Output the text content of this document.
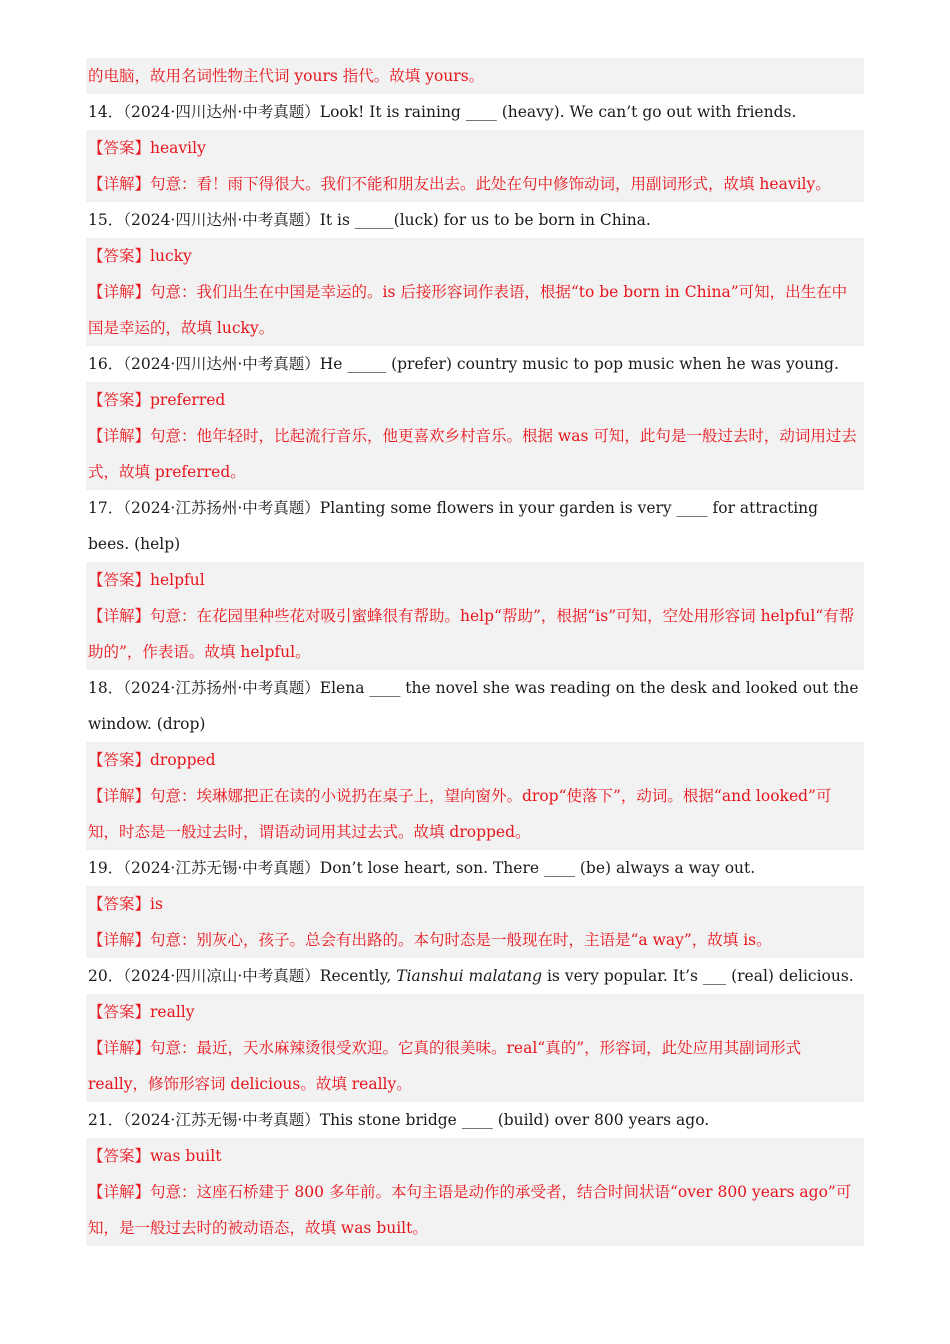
的电脑，故用名词性物主代词 yours 指代。故填 yours。
14．（2024·四川达州·中考真题）Look! It is raining ____ (heavy). We can’t go out with friends.
【答案】heavily
【详解】句意：看！雨下得很大。我们不能和朋友出去。此处在句中修饰动词，用副词形式，故填 heavily。
15．（2024·四川达州·中考真题）It is _____(luck) for us to be born in China.
【答案】lucky
【详解】句意：我们出生在中国是幸运的。is 后接形容词作表语，根据“to be born in China”可知，出生在中国是幸运的，故填 lucky。
16．（2024·四川达州·中考真题）He _____ (prefer) country music to pop music when he was young.
【答案】preferred
【详解】句意：他年轻时，比起流行音乐，他更喜欢乡村音乐。根据 was 可知，此句是一般过去时，动词用过去式，故填 preferred。
17．（2024·江苏扬州·中考真题）Planting some flowers in your garden is very ____ for attracting bees. (help)
【答案】helpful
【详解】句意：在花园里种些花对吸引蜜蜂很有帮助。help“帮助”，根据“is”可知，空处用形容词 helpful“有帮助的”，作表语。故填 helpful。
18．（2024·江苏扬州·中考真题）Elena ____ the novel she was reading on the desk and looked out the window. (drop)
【答案】dropped
【详解】句意：埃琳娜把正在读的小说扔在桌子上，望向窗外。drop“使落下”，动词。根据“and looked”可知，时态是一般过去时，谓语动词用其过去式。故填 dropped。
19．（2024·江苏无锡·中考真题）Don’t lose heart, son. There ____ (be) always a way out.
【答案】is
【详解】句意：别灰心，孩子。总会有出路的。本句时态是一般现在时，主语是“a way”，故填 is。
20．（2024·四川凉山·中考真题）Recently, Tianshui malatang is very popular. It’s ___ (real) delicious.
【答案】really
【详解】句意：最近，天水麻辣烫很受欢迎。它真的很美味。real“真的”，形容词，此处应用其副词形式 really，修饰形容词 delicious。故填 really。
21．（2024·江苏无锡·中考真题）This stone bridge ____ (build) over 800 years ago.
【答案】was built
【详解】句意：这座石桥建于 800 多年前。本句主语是动作的承受者，结合时间状语“over 800 years ago”可知，是一般过去时的被动语态，故填 was built。
